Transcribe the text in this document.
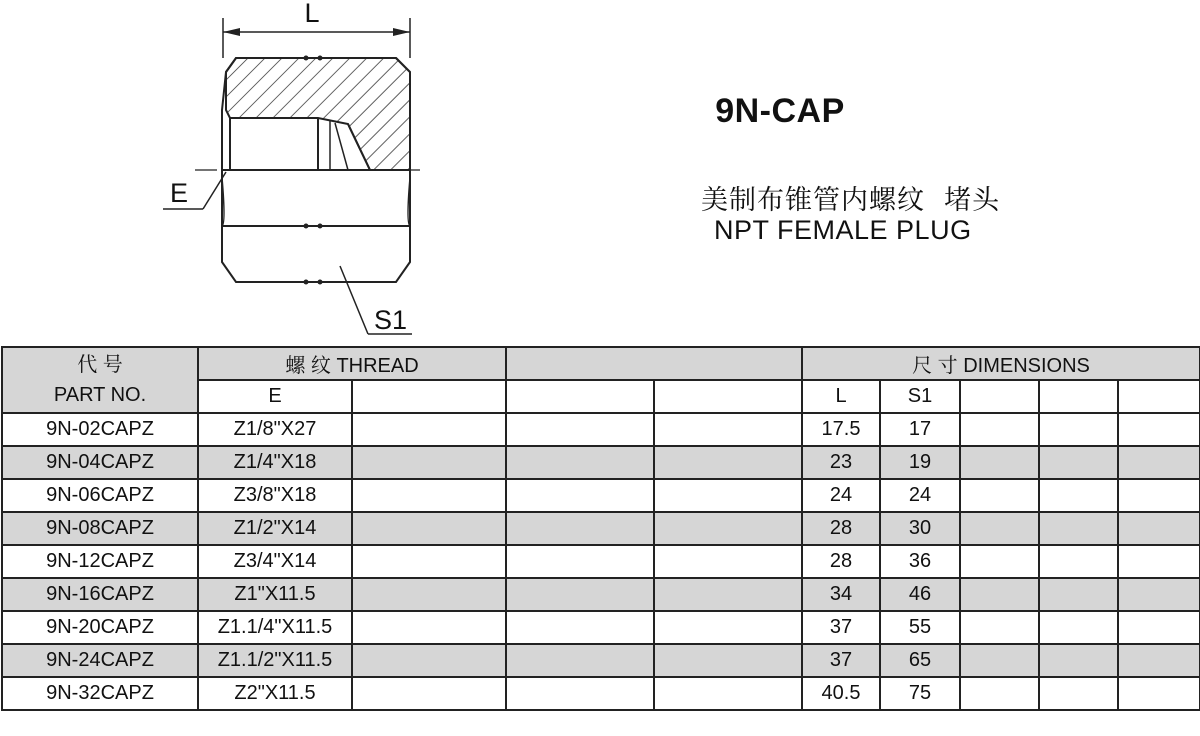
L
E
S1
9N-CAP
美制布锥管内螺纹  堵头
NPT FEMALE PLUG
代 号
PART NO.	螺 纹 THREAD				尺 寸 DIMENSIONS				
	E				L	S1			
9N-02CAPZ	Z1/8"X27				17.5	17			
9N-04CAPZ	Z1/4"X18				23	19			
9N-06CAPZ	Z3/8"X18				24	24			
9N-08CAPZ	Z1/2"X14				28	30			
9N-12CAPZ	Z3/4"X14				28	36			
9N-16CAPZ	Z1"X11.5				34	46			
9N-20CAPZ	Z1.1/4"X11.5				37	55			
9N-24CAPZ	Z1.1/2"X11.5				37	65			
9N-32CAPZ	Z2"X11.5				40.5	75			
